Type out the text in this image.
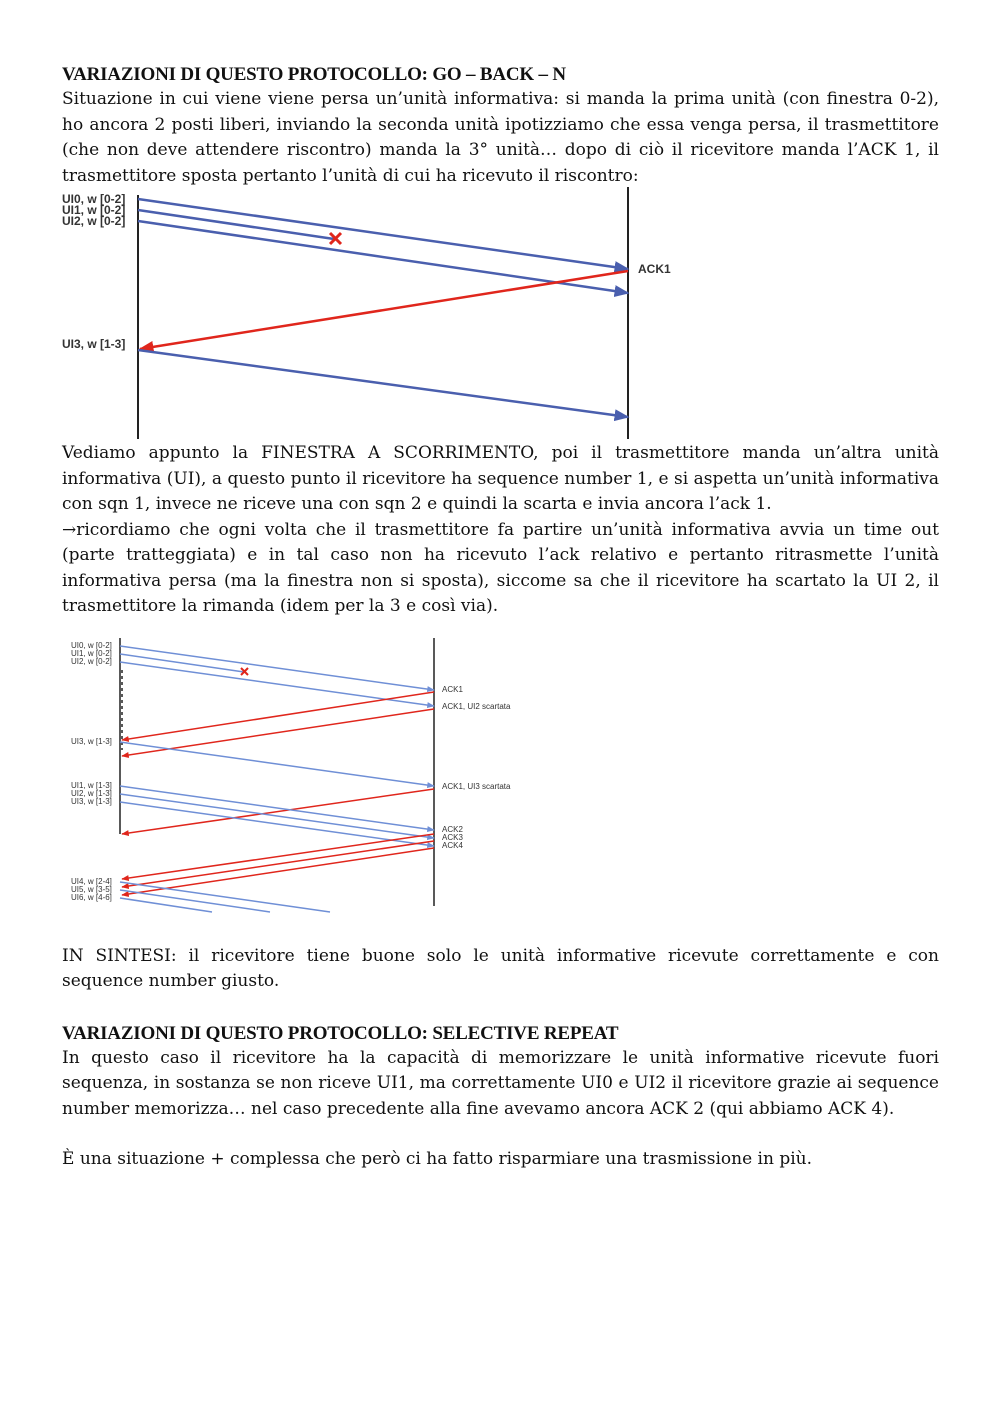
VARIAZIONI DI QUESTO PROTOCOLLO: GO – BACK – N

Situazione in cui viene viene persa un’unità informativa: si manda la prima unità (con finestra 0-2), ho ancora 2 posti liberi, inviando la seconda unità ipotizziamo che essa venga persa, il trasmettitore (che non deve attendere riscontro) manda la 3° unità… dopo di ciò il ricevitore manda l’ACK 1, il trasmettitore sposta pertanto l’unità di cui ha ricevuto il riscontro:

UI0, w [0-2]
UI1, w [0-2]
UI2, w [0-2]
UI3, w [1-3]
ACK1

Vediamo appunto la FINESTRA A SCORRIMENTO, poi il trasmettitore manda un’altra unità informativa (UI), a questo punto il ricevitore ha sequence number 1, e si aspetta un’unità informativa con sqn 1, invece ne riceve una con sqn 2 e quindi la scarta e invia ancora l’ack 1.

→ricordiamo che ogni volta che il trasmettitore fa partire un’unità informativa avvia un time out (parte tratteggiata) e in tal caso non ha ricevuto l’ack relativo e pertanto ritrasmette l’unità informativa persa (ma la finestra non si sposta), siccome sa che il ricevitore ha scartato la UI 2, il trasmettitore la rimanda (idem per la 3 e così via).

UI0, w [0-2]
UI1, w [0-2]
UI2, w [0-2]
UI3, w [1-3]
UI1, w [1-3]
UI2, w [1-3]
UI3, w [1-3]
UI4, w [2-4]
UI5, w [3-5]
UI6, w [4-6]
ACK1
ACK1, UI2 scartata
ACK1, UI3 scartata
ACK2
ACK3
ACK4

IN SINTESI: il ricevitore tiene buone solo le unità informative ricevute correttamente e con sequence number giusto.

VARIAZIONI DI QUESTO PROTOCOLLO: SELECTIVE REPEAT

In questo caso il ricevitore ha la capacità di memorizzare le unità informative ricevute fuori sequenza, in sostanza se non riceve UI1, ma correttamente UI0 e UI2 il ricevitore grazie ai sequence number memorizza… nel caso precedente alla fine avevamo ancora ACK 2 (qui abbiamo ACK 4).

È una situazione + complessa che però ci ha fatto risparmiare una trasmissione in più.
